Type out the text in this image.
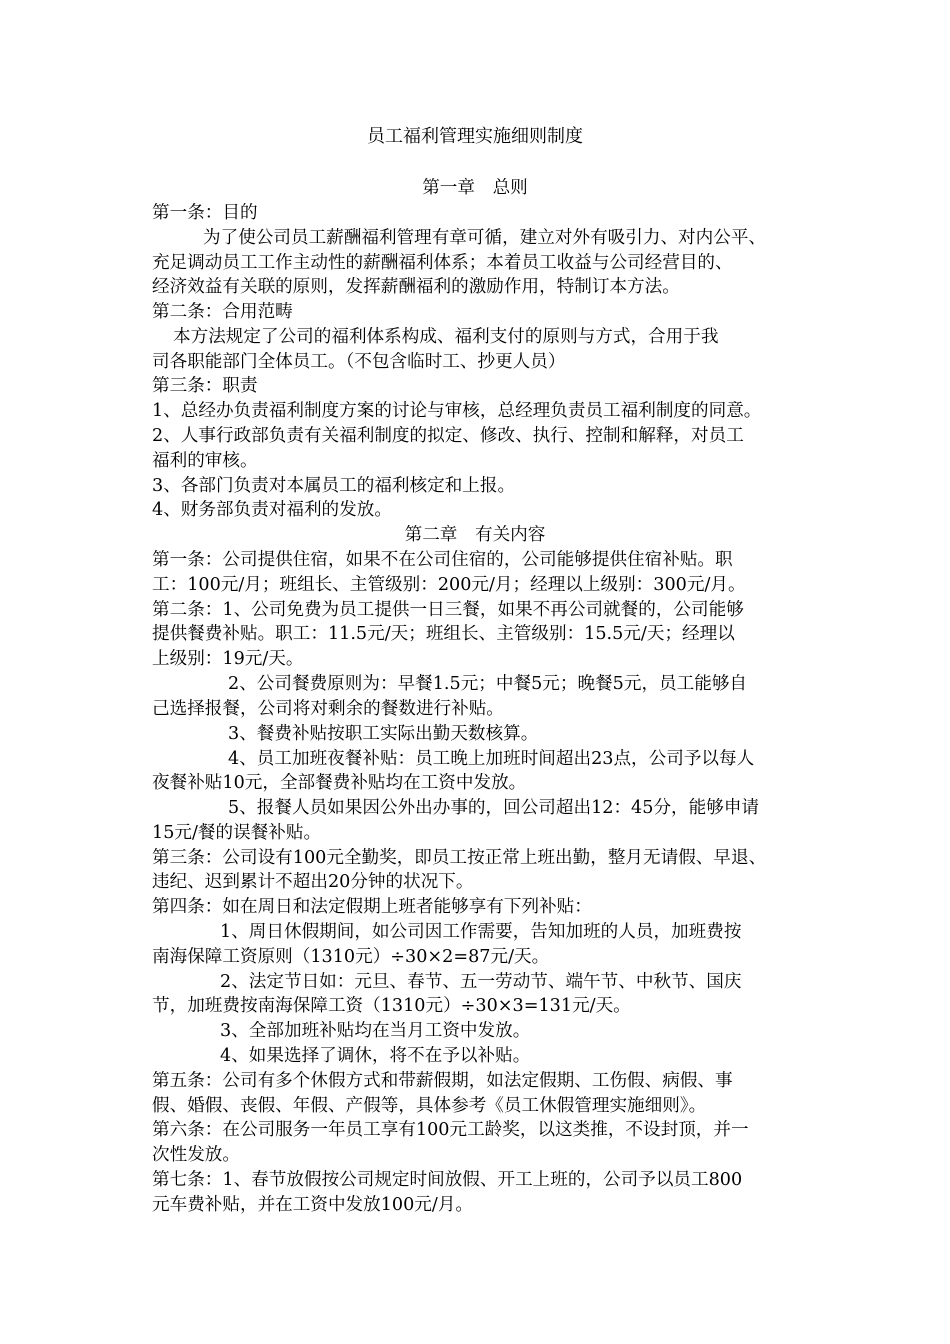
员工福利管理实施细则制度
第一章　总则
第一条：目的
为了使公司员工薪酬福利管理有章可循，建立对外有吸引力、对内公平、
充足调动员工工作主动性的薪酬福利体系；本着员工收益与公司经营目的、
经济效益有关联的原则，发挥薪酬福利的激励作用，特制订本方法。
第二条：合用范畴
本方法规定了公司的福利体系构成、福利支付的原则与方式，合用于我
司各职能部门全体员工。（不包含临时工、抄更人员）
第三条：职责
1、总经办负责福利制度方案的讨论与审核，总经理负责员工福利制度的同意。
2、人事行政部负责有关福利制度的拟定、修改、执行、控制和解释，对员工
福利的审核。
3、各部门负责对本属员工的福利核定和上报。
4、财务部负责对福利的发放。
第二章　有关内容
第一条：公司提供住宿，如果不在公司住宿的，公司能够提供住宿补贴。职
工：100元/月；班组长、主管级别：200元/月；经理以上级别：300元/月。
第二条：1、公司免费为员工提供一日三餐，如果不再公司就餐的，公司能够
提供餐费补贴。职工：11.5元/天；班组长、主管级别：15.5元/天；经理以
上级别：19元/天。
2、公司餐费原则为：早餐1.5元；中餐5元；晚餐5元，员工能够自
己选择报餐，公司将对剩余的餐数进行补贴。
3、餐费补贴按职工实际出勤天数核算。
4、员工加班夜餐补贴：员工晚上加班时间超出23点，公司予以每人
夜餐补贴10元，全部餐费补贴均在工资中发放。
5、报餐人员如果因公外出办事的，回公司超出12：45分，能够申请
15元/餐的误餐补贴。
第三条：公司设有100元全勤奖，即员工按正常上班出勤，整月无请假、早退、
违纪、迟到累计不超出20分钟的状况下。
第四条：如在周日和法定假期上班者能够享有下列补贴：
1、周日休假期间，如公司因工作需要，告知加班的人员，加班费按
南海保障工资原则（1310元）÷30×2=87元/天。
2、法定节日如：元旦、春节、五一劳动节、端午节、中秋节、国庆
节，加班费按南海保障工资（1310元）÷30×3=131元/天。
3、全部加班补贴均在当月工资中发放。
4、如果选择了调休，将不在予以补贴。
第五条：公司有多个休假方式和带薪假期，如法定假期、工伤假、病假、事
假、婚假、丧假、年假、产假等，具体参考《员工休假管理实施细则》。
第六条：在公司服务一年员工享有100元工龄奖，以这类推，不设封顶，并一
次性发放。
第七条：1、春节放假按公司规定时间放假、开工上班的，公司予以员工800
元车费补贴，并在工资中发放100元/月。
